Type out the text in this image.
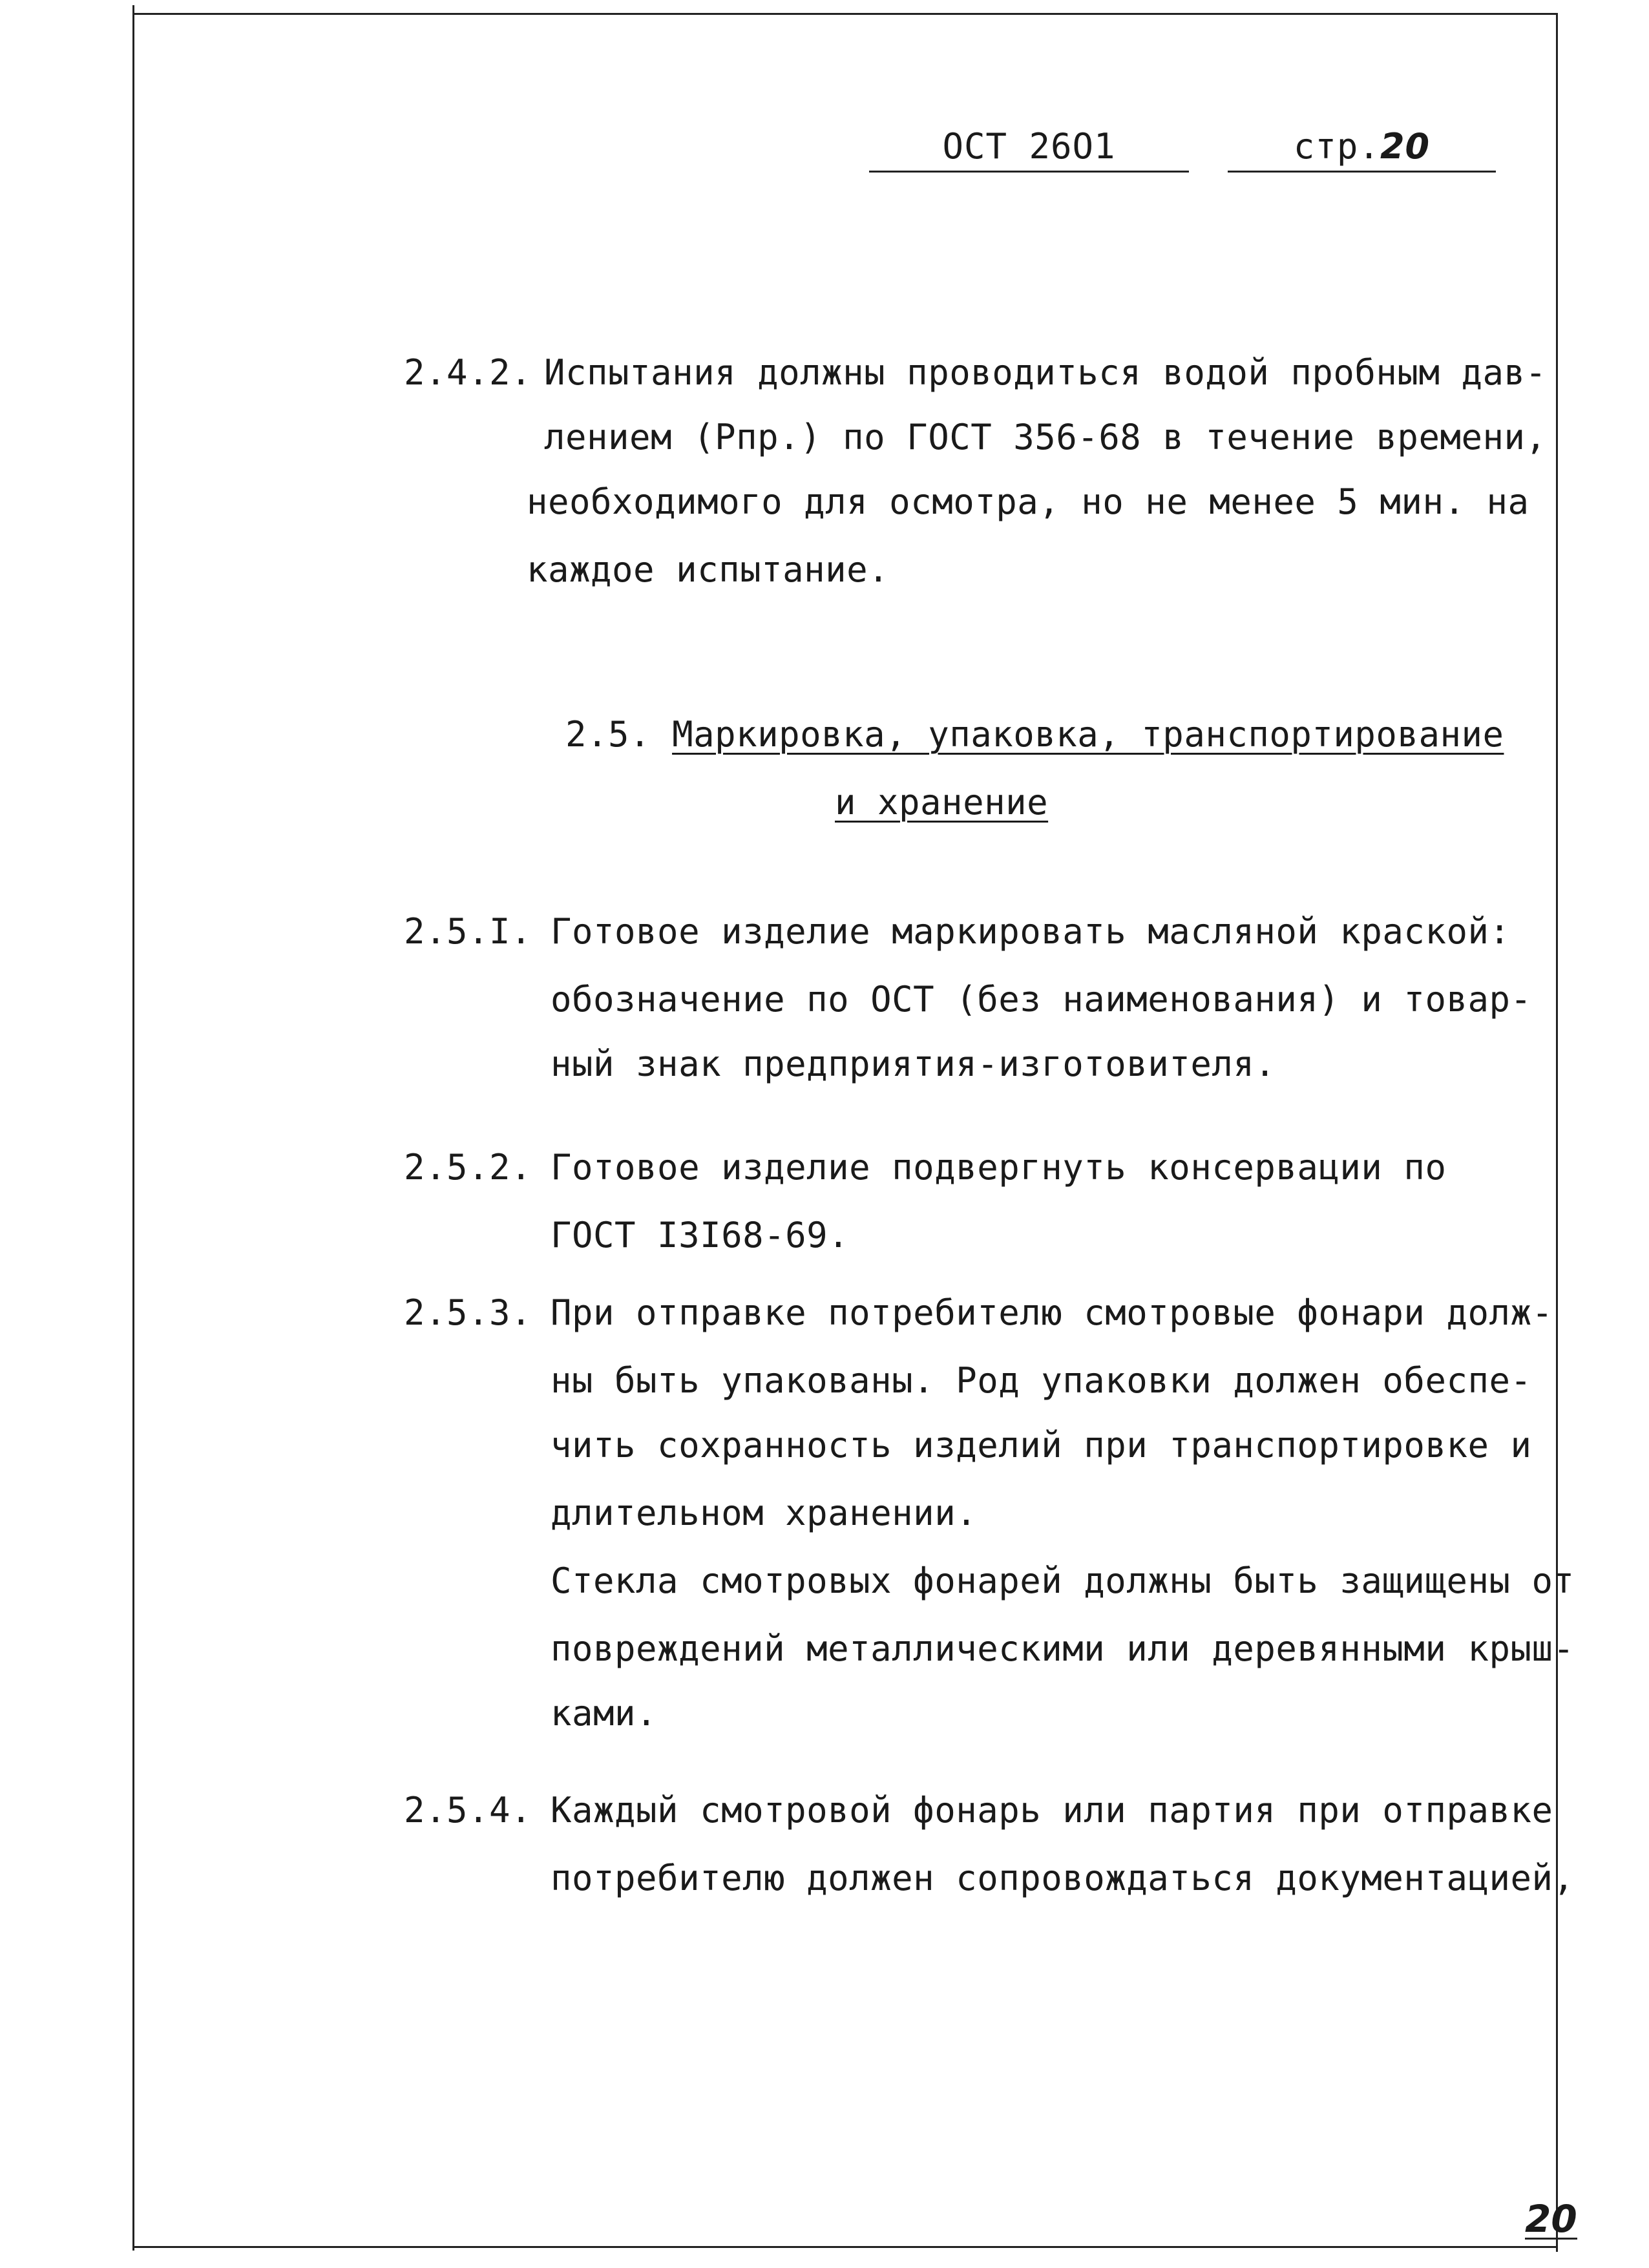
ОСТ 26О1	стр.20
2.4.2. Испытания должны проводиться водой пробным дав-
лением (Рпр.) по ГОСТ 356-68 в течение времени,
необходимого для осмотра, но не менее 5 мин. на
каждое испытание.
2.5. Маркировка, упаковка, транспортирование
и хранение
2.5.I. Готовое изделие маркировать масляной краской:
обозначение по ОСТ (без наименования) и товар-
ный знак предприятия-изготовителя.
2.5.2. Готовое изделие подвергнуть консервации по
ГОСТ I3I68-69.
2.5.3. При отправке потребителю смотровые фонари долж-
ны быть упакованы. Род упаковки должен обеспе-
чить сохранность изделий при транспортировке и
длительном хранении.
Стекла смотровых фонарей должны быть защищены от
повреждений металлическими или деревянными крыш-
ками.
2.5.4. Каждый смотровой фонарь или партия при отправке
потребителю должен сопровождаться документацией,
20
